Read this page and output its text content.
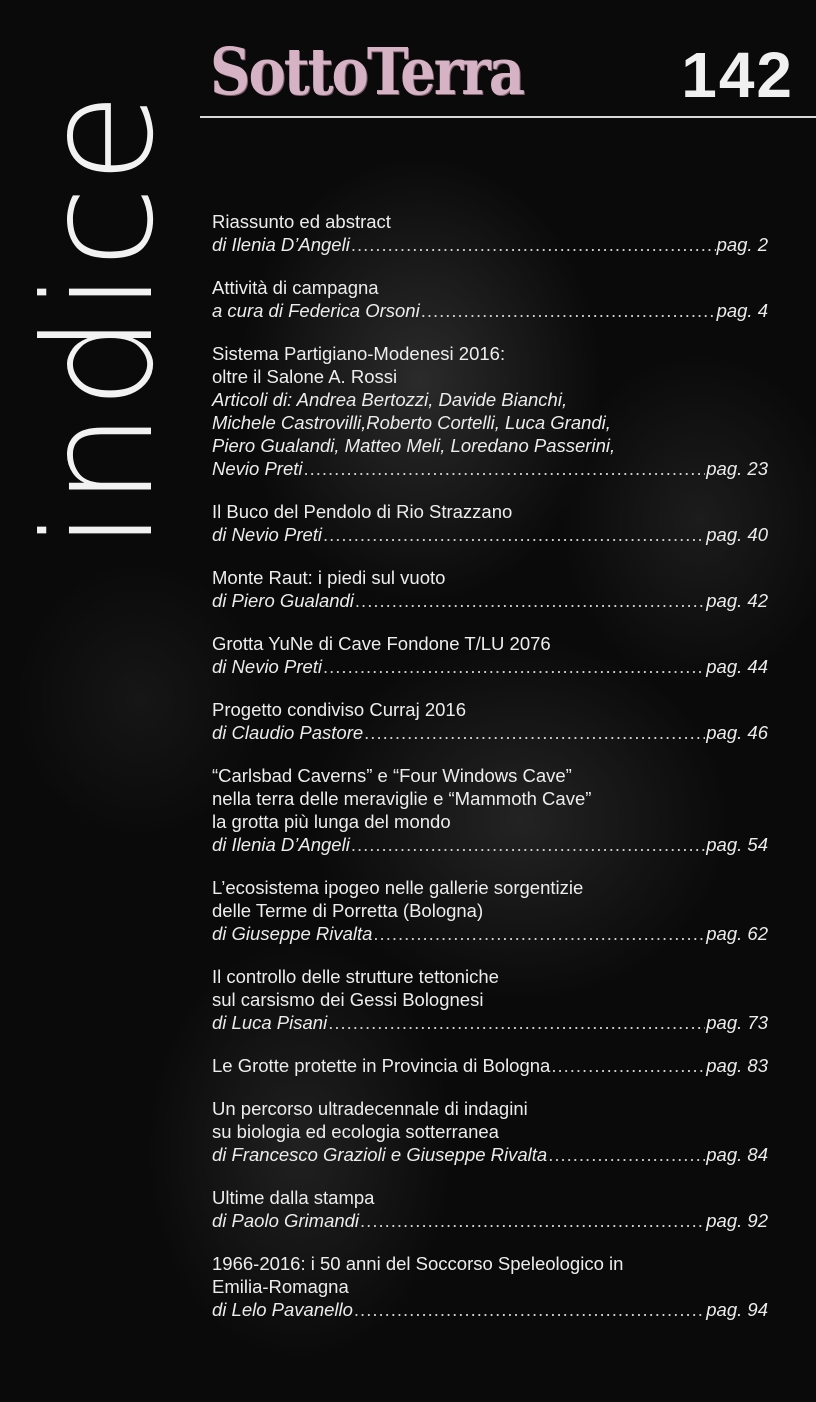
indice
SottoTerra 142
Riassunto ed abstract
di Ilenia D’Angeli .....	pag. 2
Attività di campagna
a cura di Federica Orsoni .....	pag. 4
Sistema Partigiano-Modenesi 2016:
oltre il Salone A. Rossi
Articoli di: Andrea Bertozzi, Davide Bianchi,
Michele Castrovilli,Roberto Cortelli, Luca Grandi,
Piero Gualandi, Matteo Meli, Loredano Passerini,
Nevio Preti .....	pag. 23
Il Buco del Pendolo di Rio Strazzano
di Nevio Preti .....	pag. 40
Monte Raut: i piedi sul vuoto
di Piero Gualandi .....	pag. 42
Grotta YuNe di Cave Fondone T/LU 2076
di Nevio Preti .....	pag. 44
Progetto condiviso Curraj 2016
di Claudio Pastore .....	pag. 46
“Carlsbad Caverns” e “Four Windows Cave”
nella terra delle meraviglie e “Mammoth Cave”
la grotta più lunga del mondo
di Ilenia D’Angeli .....	pag. 54
L’ecosistema ipogeo nelle gallerie sorgentizie
delle Terme di Porretta (Bologna)
di Giuseppe Rivalta .....	pag. 62
Il controllo delle strutture tettoniche
sul carsismo dei Gessi Bolognesi
di Luca Pisani .....	pag. 73
Le Grotte protette in Provincia di Bologna .....	pag. 83
Un percorso ultradecennale di indagini
su biologia ed ecologia sotterranea
di Francesco Grazioli e Giuseppe Rivalta .....	pag. 84
Ultime dalla stampa
di Paolo Grimandi .....	pag. 92
1966-2016: i 50 anni del Soccorso Speleologico in
Emilia-Romagna
di Lelo Pavanello .....	pag. 94
